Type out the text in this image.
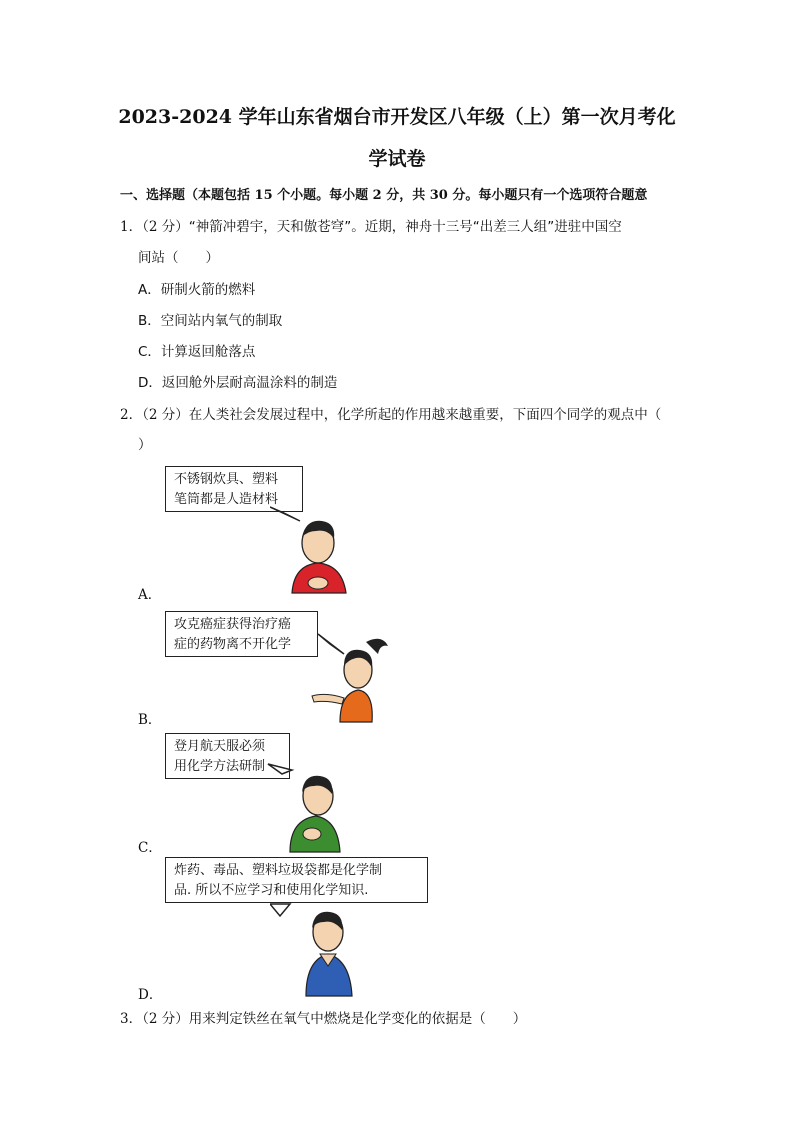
2023-2024 学年山东省烟台市开发区八年级（上）第一次月考化
学试卷
一、选择题（本题包括 15 个小题。每小题 2 分，共 30 分。每小题只有一个选项符合题意
1．（2 分）“神箭冲碧宇，天和傲苍穹”。近期，神舟十三号“出差三人组”进驻中国空
间站（　　）
A．研制火箭的燃料
B．空间站内氧气的制取
C．计算返回舱落点
D．返回舱外层耐高温涂料的制造
2．（2 分）在人类社会发展过程中，化学所起的作用越来越重要，下面四个同学的观点中（
）
不锈钢炊具、塑料
笔筒都是人造材料
A．
攻克癌症获得治疗癌
症的药物离不开化学
B．
登月航天服必须
用化学方法研制
C．
炸药、毒品、塑料垃圾袋都是化学制
品. 所以不应学习和使用化学知识.
D．
3．（2 分）用来判定铁丝在氧气中燃烧是化学变化的依据是（　　）
